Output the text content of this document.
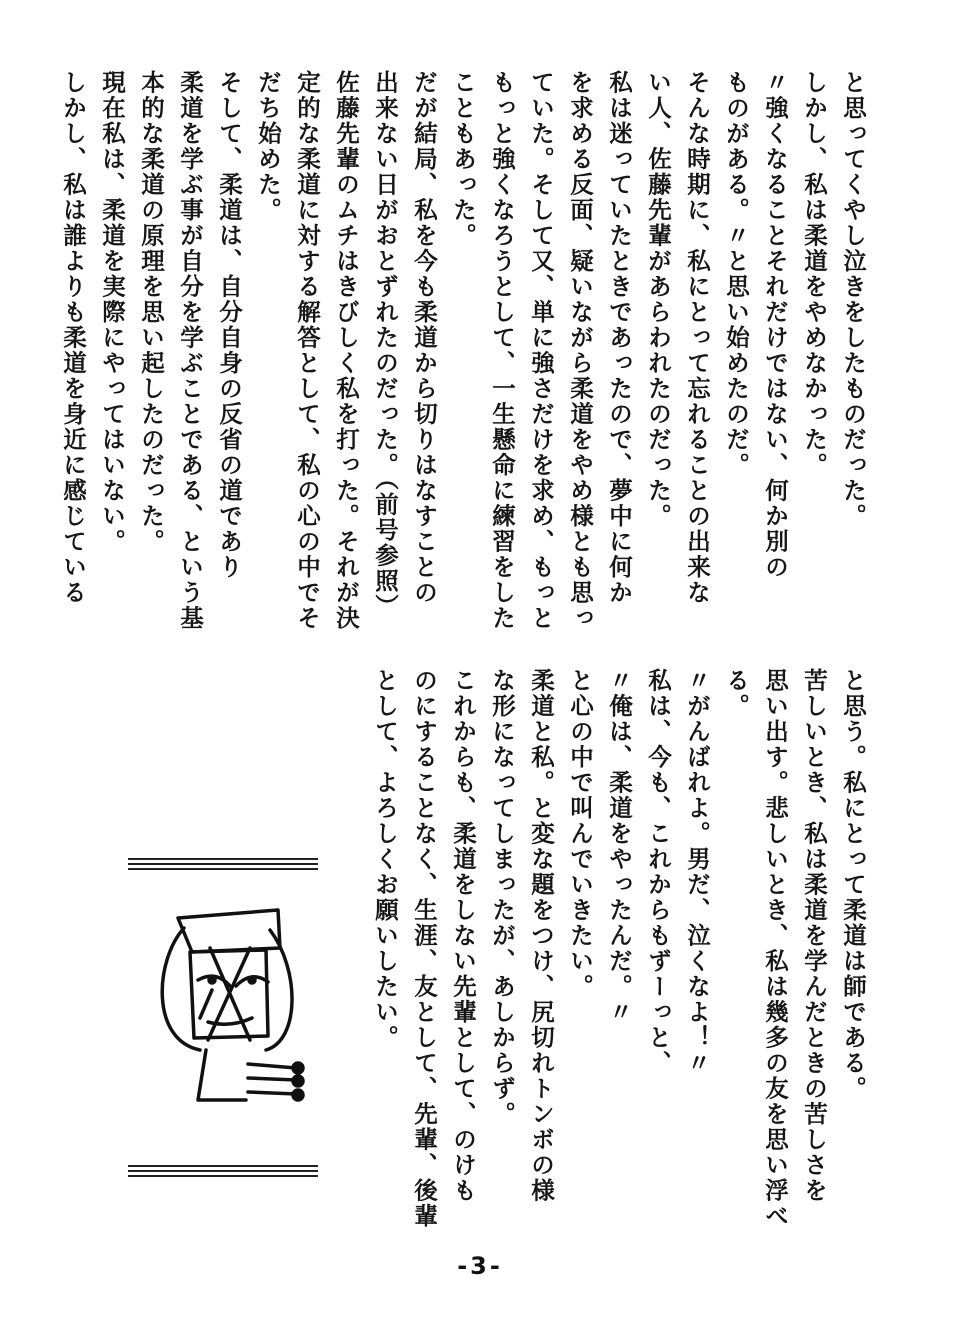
と思ってくやし泣きをしたものだった。
しかし、私は柔道をやめなかった。
〃強くなることそれだけではない、何か別の
ものがある。〃と思い始めたのだ。
そんな時期に、私にとって忘れることの出来な
い人、佐藤先輩があらわれたのだった。
私は迷っていたときであったので、夢中に何か
を求める反面、疑いながら柔道をやめ様とも思っ
ていた。そして又、単に強さだけを求め、もっと
もっと強くなろうとして、一生懸命に練習をした
こともあった。
だが結局、私を今も柔道から切りはなすことの
出来ない日がおとずれたのだった。（前号参照）
佐藤先輩のムチはきびしく私を打った。それが決
定的な柔道に対する解答として、私の心の中でそ
だち始めた。
そして、柔道は、自分自身の反省の道であり
柔道を学ぶ事が自分を学ぶことである、という基
本的な柔道の原理を思い起したのだった。
現在私は、柔道を実際にやってはいない。
しかし、私は誰よりも柔道を身近に感じている
と思う。私にとって柔道は師である。
苦しいとき、私は柔道を学んだときの苦しさを
思い出す。悲しいとき、私は幾多の友を思い浮べ
る。
〃がんばれよ。男だ、泣くなよ！〃
私は、今も、これからもずーっと、
〃俺は、柔道をやったんだ。〃
と心の中で叫んでいきたい。
柔道と私。と変な題をつけ、尻切れトンボの様
な形になってしまったが、あしからず。
これからも、柔道をしない先輩として、のけも
のにすることなく、生涯、友として、先輩、後輩
として、よろしくお願いしたい。
-3-
